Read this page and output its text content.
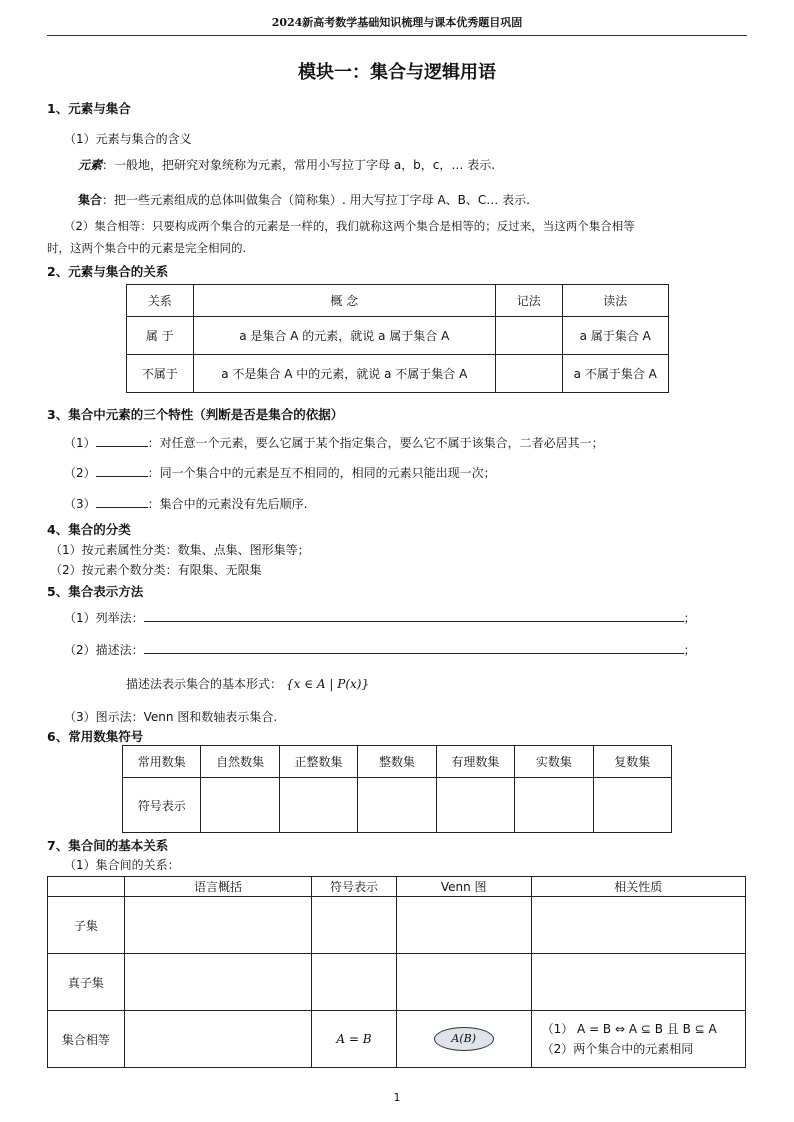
2024新高考数学基础知识梳理与课本优秀题目巩固
模块一：集合与逻辑用语
1、元素与集合
（1）元素与集合的含义
元素：一般地，把研究对象统称为元素，常用小写拉丁字母 a，b，c，… 表示.
集合：把一些元素组成的总体叫做集合（简称集）. 用大写拉丁字母 A、B、C… 表示.
（2）集合相等：只要构成两个集合的元素是一样的，我们就称这两个集合是相等的；反过来，当这两个集合相等
时，这两个集合中的元素是完全相同的.
2、元素与集合的关系
关系	概 念	记法	读法
属 于	a 是集合 A 的元素，就说 a 属于集合 A		a 属于集合 A
不属于	a 不是集合 A 中的元素，就说 a 不属于集合 A		a 不属于集合 A
3、集合中元素的三个特性（判断是否是集合的依据）
（1）	：对任意一个元素，要么它属于某个指定集合，要么它不属于该集合，二者必居其一；
（2）	：同一个集合中的元素是互不相同的，相同的元素只能出现一次；
（3）	：集合中的元素没有先后顺序.
4、集合的分类
（1）按元素属性分类：数集、点集、图形集等；
（2）按元素个数分类：有限集、无限集
5、集合表示方法
（1）列举法：	；
（2）描述法：	；
描述法表示集合的基本形式： {x ∈ A | P(x)}
（3）图示法：Venn 图和数轴表示集合.
6、常用数集符号
常用数集	自然数集	正整数集	整数集	有理数集	实数集	复数集
符号表示						
7、集合间的基本关系
（1）集合间的关系：
	语言概括	符号表示	Venn 图	相关性质
子集				
真子集				
集合相等		A = B	A(B)	（1） A = B ⇔ A ⊆ B 且 B ⊆ A
（2）两个集合中的元素相同
1
